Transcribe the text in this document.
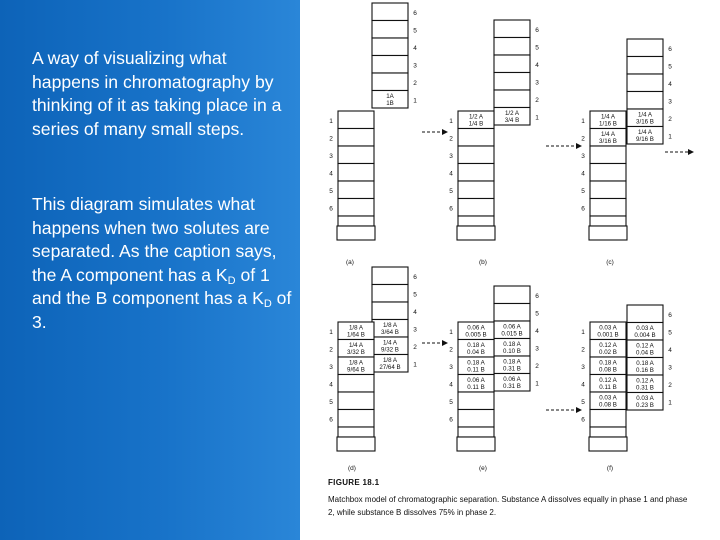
A way of visualizing what happens in chromatography by thinking of it as taking place in a series of many small steps.
This diagram simulates what happens when two solutes are separated. As the caption says, the A component has a $K_D$ of 1 and the B component has a $K_D$ of 3.
6
5
4
3
2
1A
1B	1
1
2
3
4
5
6
(a)
6
5
4
3
2
1/2 A
3/4 B 1
1/2 A
1/4 B
1
2
3
4
5
6
(b)
6
5
4
3
1/4 A
3/16 B 2
1/4 A
9/16 B 1
1/4 A
1/16 B
1
1/4 A
3/16 B
2
3
4
5
6
(c)
6
5
4
1/8 A
3/64 B 3
1/4 A
9/32 B 2
1/8 A
27/64 B 1
1/8 A
1/64 B
1
1/4 A
3/32 B
2
1/8 A
9/64 B
3
4
5
6
(d)
6
5
0.06 A
0.015 B 4
0.18 A
0.10 B 3
0.18 A
0.31 B 2
0.06 A
0.31 B 1
0.06 A
0.005 B
1
0.18 A
0.04 B
2
0.18 A
0.11 B
3
0.06 A
0.11 B
4
5
6
(e)
6
0.03 A
0.004 B 5
0.12 A
0.04 B 4
0.18 A
0.16 B 3
0.12 A
0.31 B 2
0.03 A
0.23 B 1
0.03 A
0.001 B
1
0.12 A
0.02 B
2
0.18 A
0.08 B
3
0.12 A
0.11 B
4
0.03 A
0.08 B
5
6
(f)
FIGURE 18.1
Matchbox model of chromatographic separation. Substance A dissolves equally in phase 1 and phase
2, while substance B dissolves 75% in phase 2.
